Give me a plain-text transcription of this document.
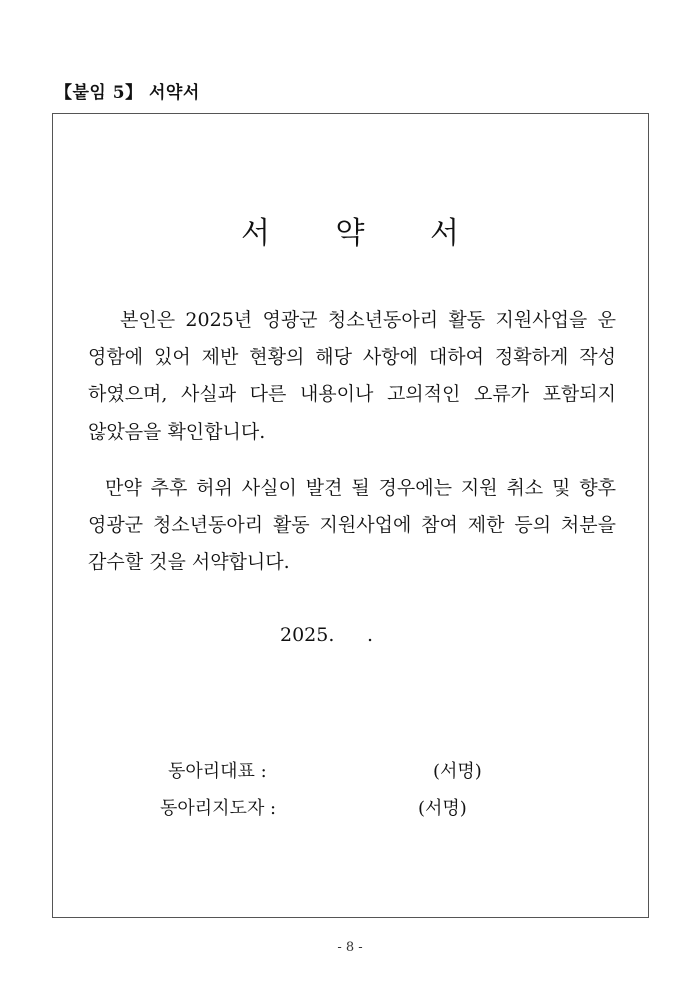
【붙임 5】 서약서
서 약 서
본인은 2025년 영광군 청소년동아리 활동 지원사업을 운
영함에 있어 제반 현황의 해당 사항에 대하여 정확하게 작성
하였으며, 사실과 다른 내용이나 고의적인 오류가 포함되지
않았음을 확인합니다.
만약 추후 허위 사실이 발견 될 경우에는 지원 취소 및 향후
영광군 청소년동아리 활동 지원사업에 참여 제한 등의 처분을
감수할 것을 서약합니다.
2025. .
동아리대표 :	(서명)
동아리지도자 :	(서명)
- 8 -
